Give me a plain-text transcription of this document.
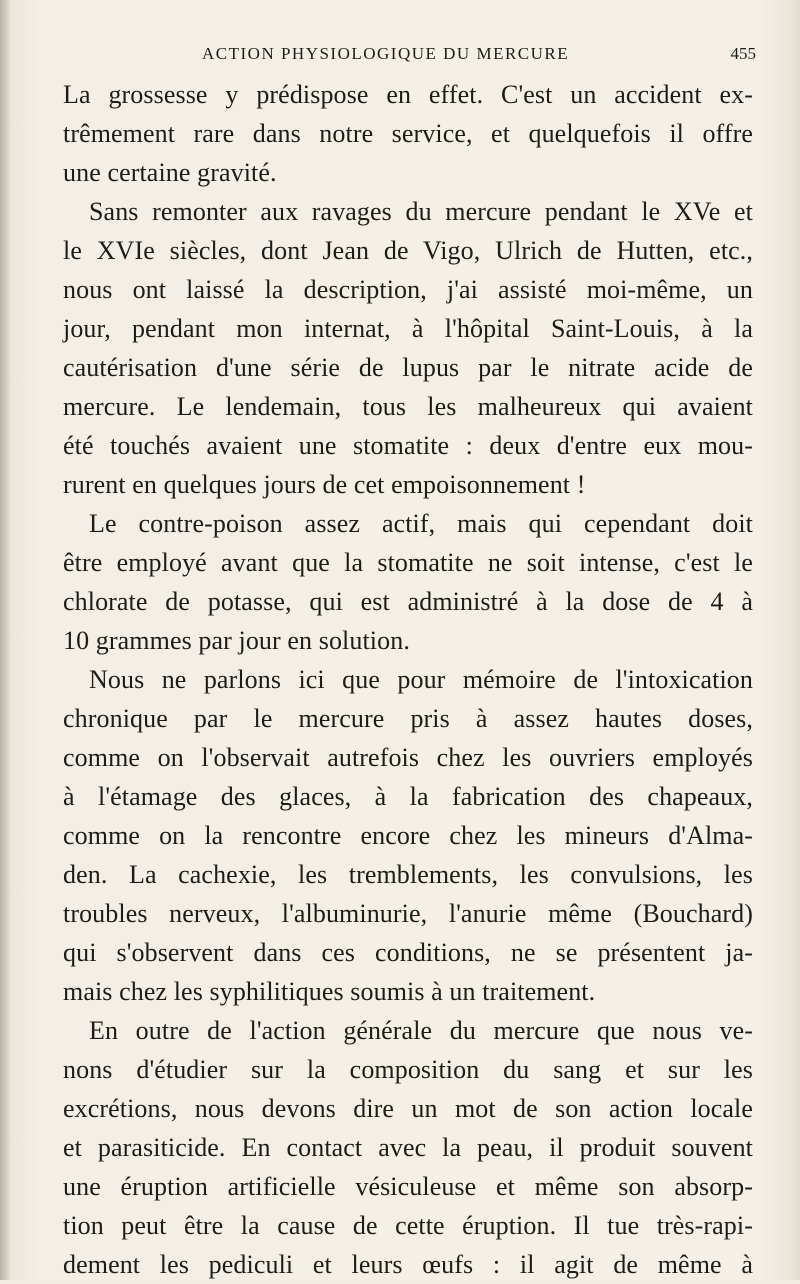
ACTION PHYSIOLOGIQUE DU MERCURE	455
La grossesse y prédispose en effet. C'est un accident ex-
trêmement rare dans notre service, et quelquefois il offre
une certaine gravité.
Sans remonter aux ravages du mercure pendant le XVe et
le XVIe siècles, dont Jean de Vigo, Ulrich de Hutten, etc.,
nous ont laissé la description, j'ai assisté moi-même, un
jour, pendant mon internat, à l'hôpital Saint-Louis, à la
cautérisation d'une série de lupus par le nitrate acide de
mercure. Le lendemain, tous les malheureux qui avaient
été touchés avaient une stomatite : deux d'entre eux mou-
rurent en quelques jours de cet empoisonnement !
Le contre-poison assez actif, mais qui cependant doit
être employé avant que la stomatite ne soit intense, c'est le
chlorate de potasse, qui est administré à la dose de 4 à
10 grammes par jour en solution.
Nous ne parlons ici que pour mémoire de l'intoxication
chronique par le mercure pris à assez hautes doses,
comme on l'observait autrefois chez les ouvriers employés
à l'étamage des glaces, à la fabrication des chapeaux,
comme on la rencontre encore chez les mineurs d'Alma-
den. La cachexie, les tremblements, les convulsions, les
troubles nerveux, l'albuminurie, l'anurie même (Bouchard)
qui s'observent dans ces conditions, ne se présentent ja-
mais chez les syphilitiques soumis à un traitement.
En outre de l'action générale du mercure que nous ve-
nons d'étudier sur la composition du sang et sur les
excrétions, nous devons dire un mot de son action locale
et parasiticide. En contact avec la peau, il produit souvent
une éruption artificielle vésiculeuse et même son absorp-
tion peut être la cause de cette éruption. Il tue très-rapi-
dement les pediculi et leurs œufs : il agit de même à
